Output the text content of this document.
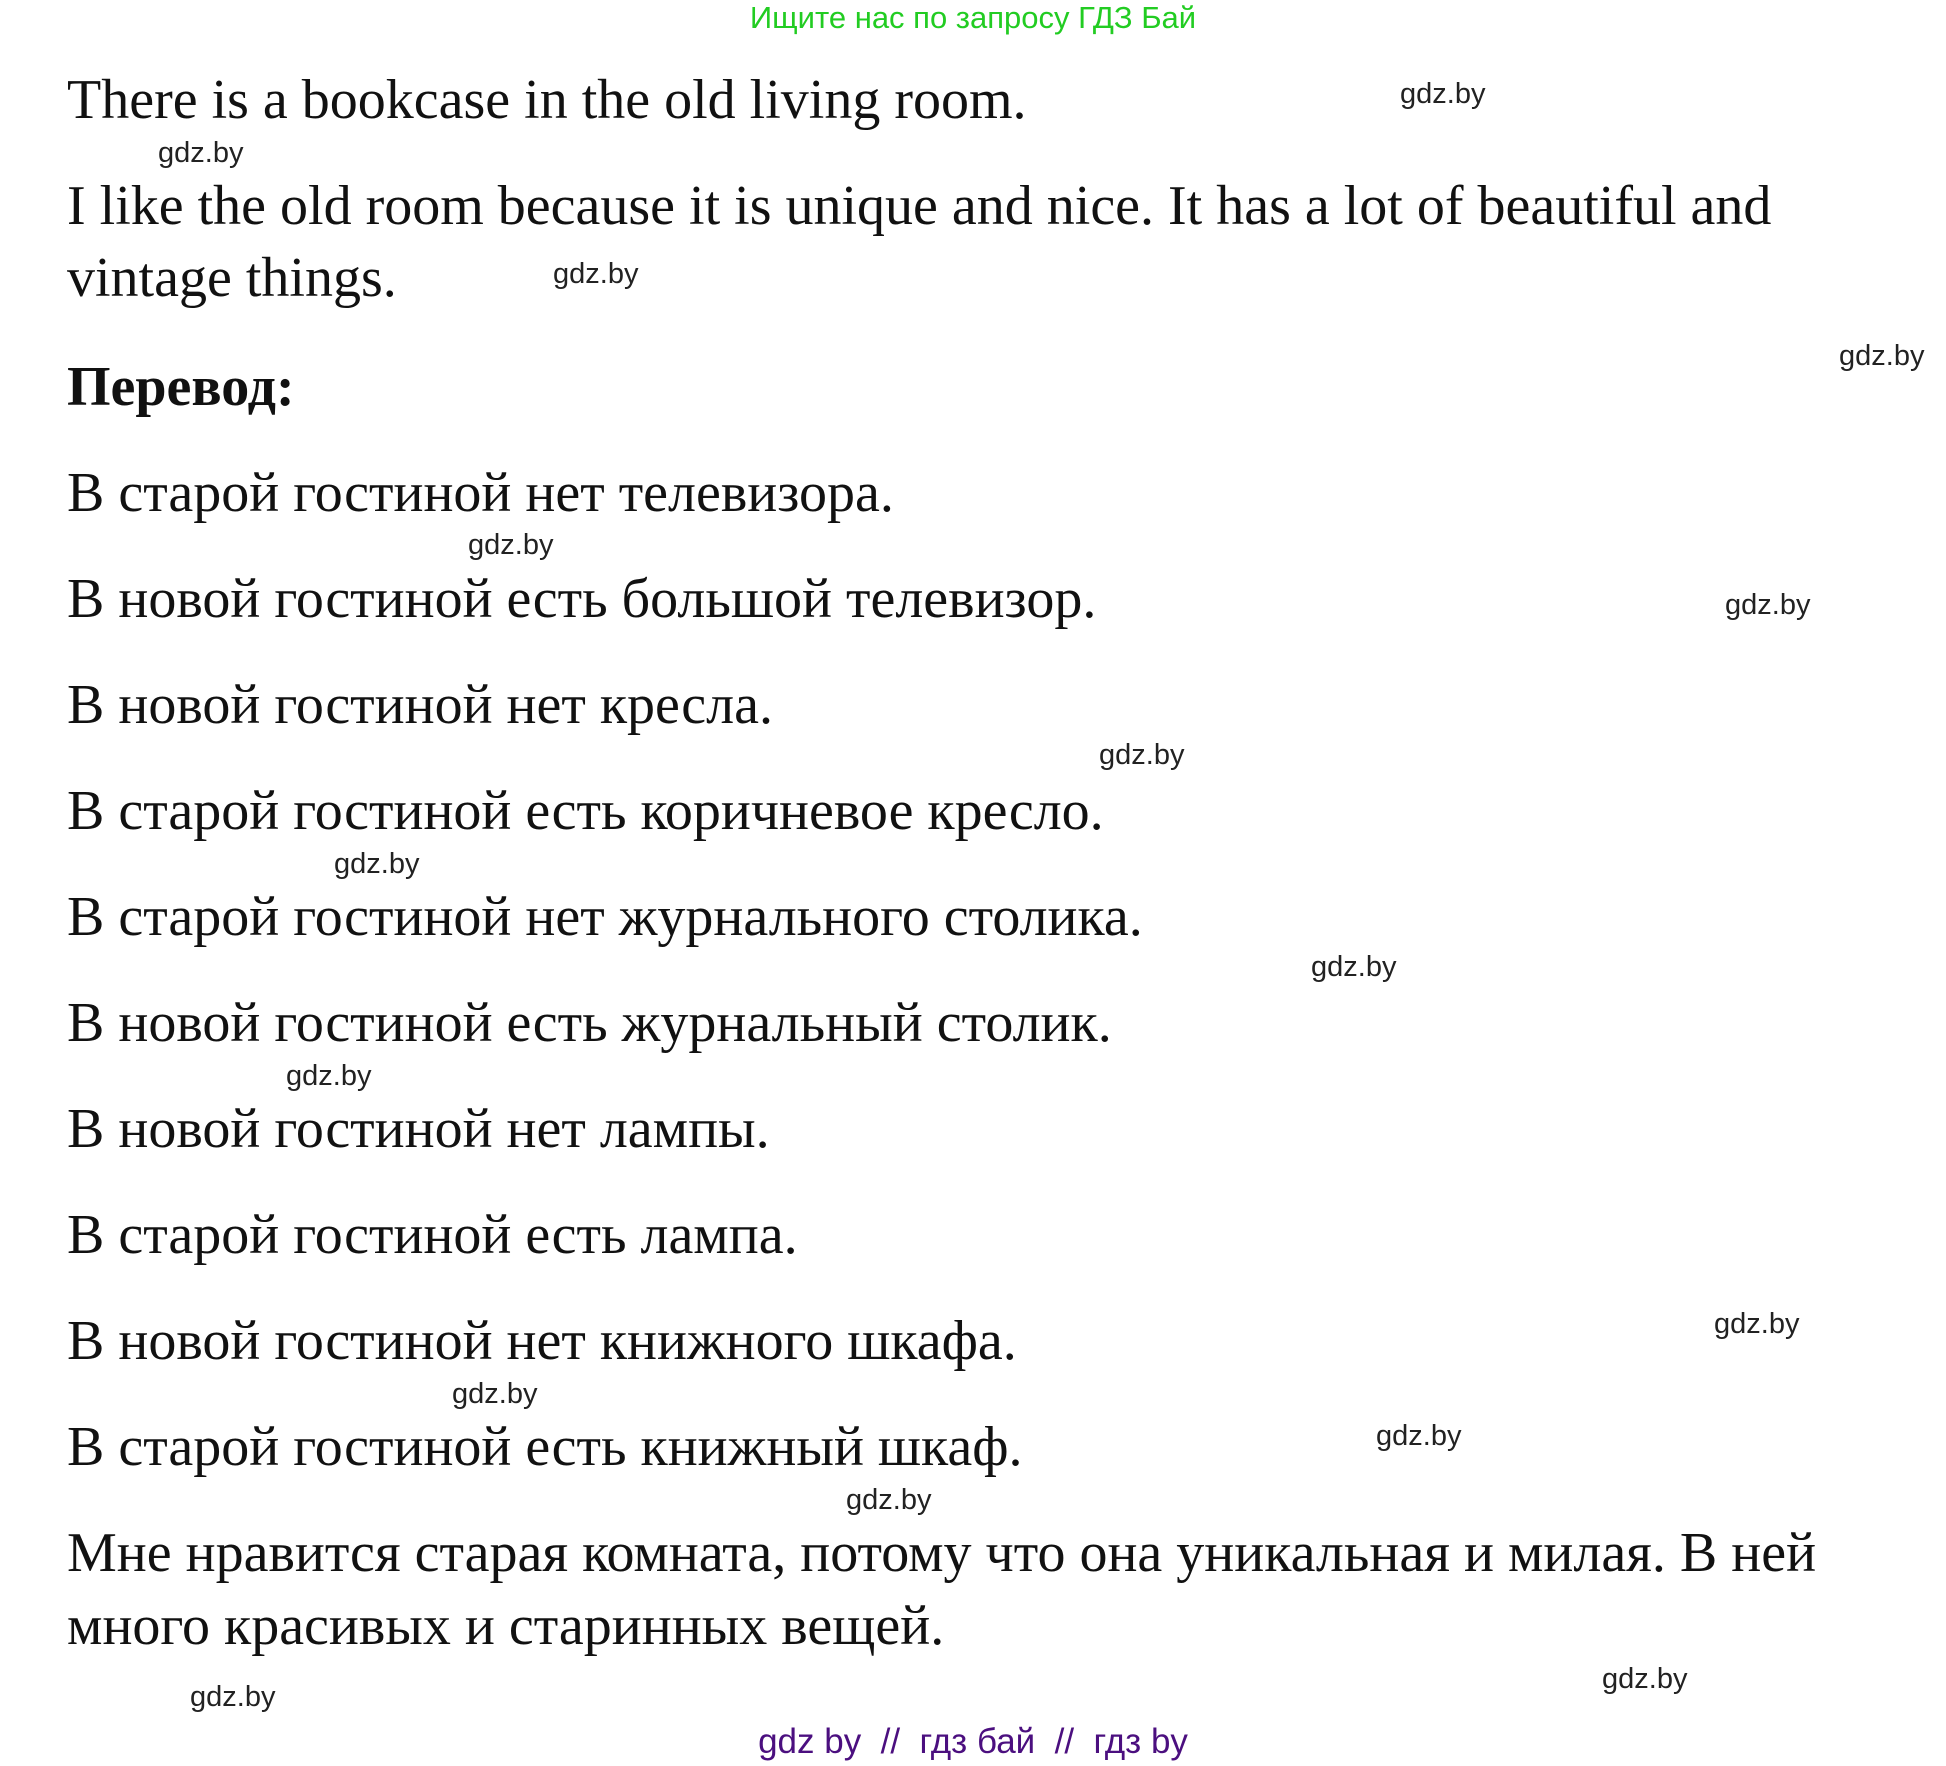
Ищите нас по запросу ГДЗ Бай
There is a bookcase in the old living room.
I like the old room because it is unique and nice. It has a lot of beautiful and
vintage things.
Перевод:
В старой гостиной нет телевизора.
В новой гостиной есть большой телевизор.
В новой гостиной нет кресла.
В старой гостиной есть коричневое кресло.
В старой гостиной нет журнального столика.
В новой гостиной есть журнальный столик.
В новой гостиной нет лампы.
В старой гостиной есть лампа.
В новой гостиной нет книжного шкафа.
В старой гостиной есть книжный шкаф.
Мне нравится старая комната, потому что она уникальная и милая. В ней
много красивых и старинных вещей.
gdz.by
gdz.by
gdz.by
gdz.by
gdz.by
gdz.by
gdz.by
gdz.by
gdz.by
gdz.by
gdz.by
gdz.by
gdz.by
gdz.by
gdz.by
gdz.by
gdz by  //  гдз бай  //  гдз by
